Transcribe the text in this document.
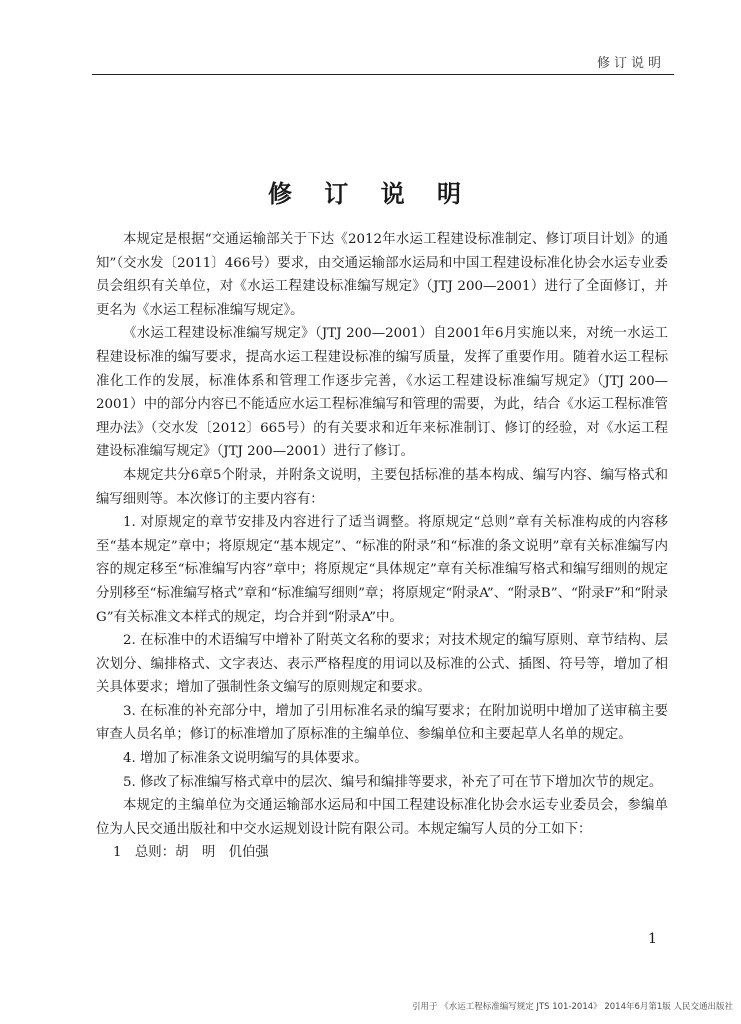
修订说明
修 订 说 明

本规定是根据“交通运输部关于下达《2012年水运工程建设标准制定、修订项目计划》的通知”（交水发〔2011〕466号）要求，由交通运输部水运局和中国工程建设标准化协会水运专业委员会组织有关单位，对《水运工程建设标准编写规定》（JTJ 200—2001）进行了全面修订，并更名为《水运工程标准编写规定》。

《水运工程建设标准编写规定》（JTJ 200—2001）自2001年6月实施以来，对统一水运工程建设标准的编写要求，提高水运工程建设标准的编写质量，发挥了重要作用。随着水运工程标准化工作的发展，标准体系和管理工作逐步完善，《水运工程建设标准编写规定》（JTJ 200—2001）中的部分内容已不能适应水运工程标准编写和管理的需要，为此，结合《水运工程标准管理办法》（交水发〔2012〕665号）的有关要求和近年来标准制订、修订的经验，对《水运工程建设标准编写规定》（JTJ 200—2001）进行了修订。

本规定共分6章5个附录，并附条文说明，主要包括标准的基本构成、编写内容、编写格式和编写细则等。本次修订的主要内容有：

1. 对原规定的章节安排及内容进行了适当调整。将原规定“总则”章有关标准构成的内容移至“基本规定”章中；将原规定“基本规定”、“标准的附录”和“标准的条文说明”章有关标准编写内容的规定移至“标准编写内容”章中；将原规定“具体规定”章有关标准编写格式和编写细则的规定分别移至“标准编写格式”章和“标准编写细则”章；将原规定“附录A”、“附录B”、“附录F”和“附录G”有关标准文本样式的规定，均合并到“附录A”中。

2. 在标准中的术语编写中增补了附英文名称的要求；对技术规定的编写原则、章节结构、层次划分、编排格式、文字表达、表示严格程度的用词以及标准的公式、插图、符号等，增加了相关具体要求；增加了强制性条文编写的原则规定和要求。

3. 在标准的补充部分中，增加了引用标准名录的编写要求；在附加说明中增加了送审稿主要审查人员名单；修订的标准增加了原标准的主编单位、参编单位和主要起草人名单的规定。

4. 增加了标准条文说明编写的具体要求。

5. 修改了标准编写格式章中的层次、编号和编排等要求，补充了可在节下增加次节的规定。

本规定的主编单位为交通运输部水运局和中国工程建设标准化协会水运专业委员会，参编单位为人民交通出版社和中交水运规划设计院有限公司。本规定编写人员的分工如下：

1　总则：胡　明　仉伯强

1
引用于 《水运工程标准编写规定 JTS 101-2014》 2014年6月第1版 人民交通出版社
